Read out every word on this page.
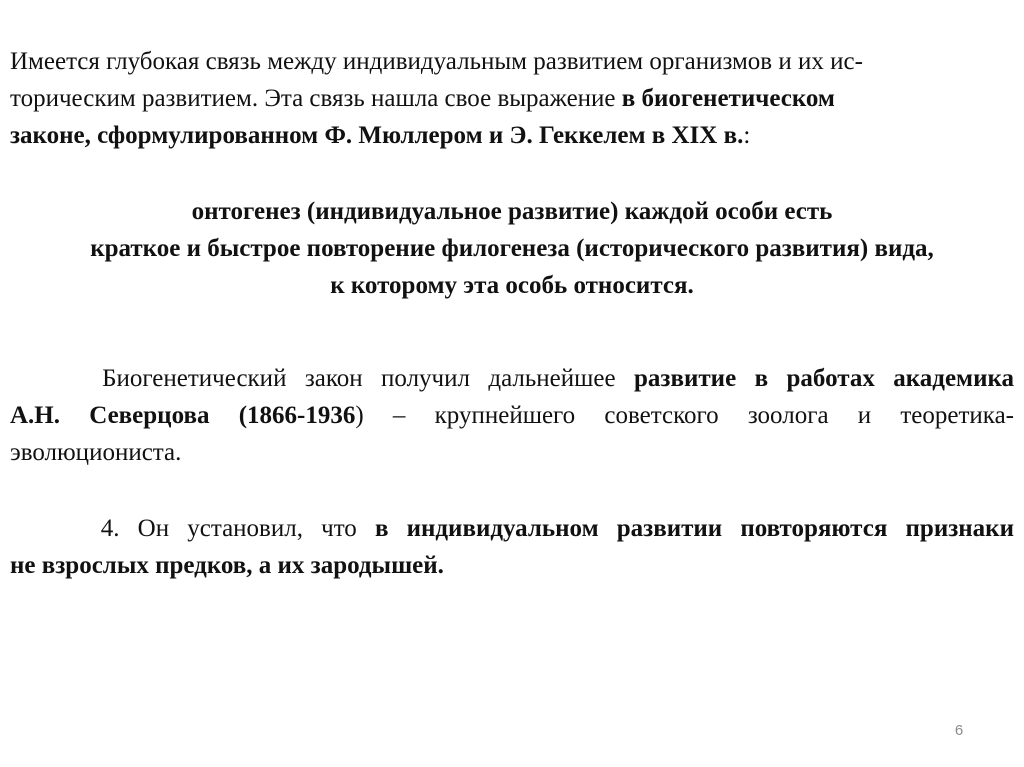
Имеется глубокая связь между индивидуальным развитием организмов и их ис-
торическим развитием. Эта связь нашла свое выражение в биогенетическом
законе, сформулированном Ф. Мюллером и Э. Геккелем в XIX в.:

онтогенез (индивидуальное развитие) каждой особи есть
краткое и быстрое повторение филогенеза (исторического развития) вида,
к которому эта особь относится.

Биогенетический закон получил дальнейшее развитие в работах академика
А.Н. Северцова (1866-1936) – крупнейшего советского зоолога и теоретика-
эволюциониста.
4. Он установил, что в индивидуальном развитии повторяются признаки
не взрослых предков, а их зародышей.
6
